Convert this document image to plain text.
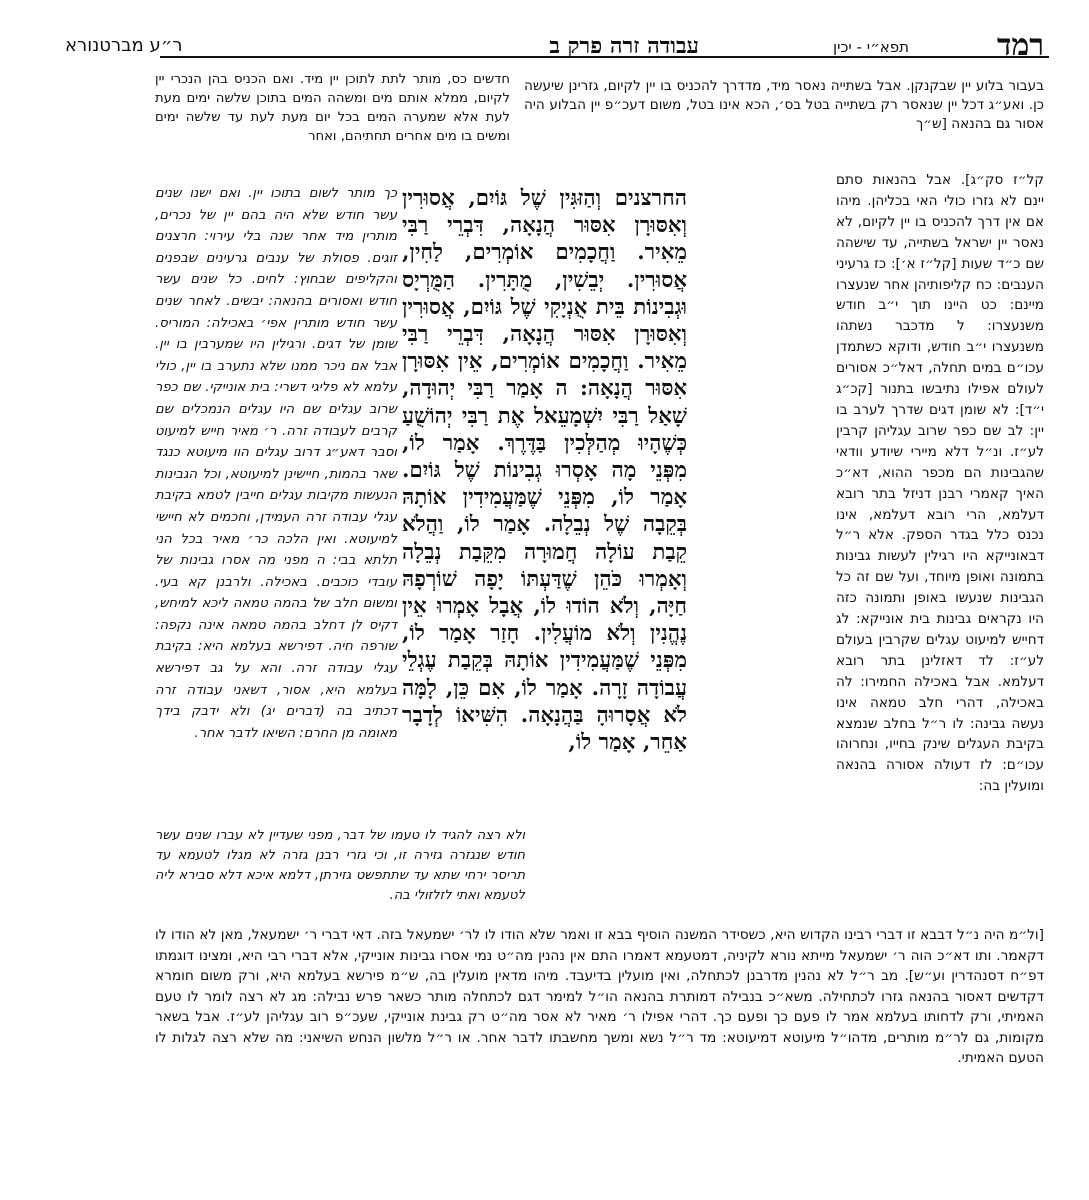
רמד
תפא״י - יכין
עבודה זרה פרק ב
ר״ע מברטנורא

בעבור בלוע יין שבקנקן. אבל בשתייה נאסר מיד, מדדרך להכניס בו יין לקיום, גזרינן שיעשה כן. ואע״ג דכל יין שנאסר רק בשתייה בטל בס׳, הכא אינו בטל, משום דעכ״פ יין הבלוע היה אסור גם בהנאה [ש״ך

חדשים כס, מותר לתת לתוכן יין מיד. ואם הכניס בהן הנכרי יין לקיום, ממלא אותם מים ומשהה המים בתוכן שלשה ימים מעת לעת אלא שמערה המים בכל יום מעת לעת עד שלשה ימים ומשים בו מים אחרים תחתיהם, ואחר

קל״ז סק״ג]. אבל בהנאות סתם יינם לא גזרו כולי האי בכליהן. מיהו אם אין דרך להכניס בו יין לקיום, לא נאסר יין ישראל בשתייה, עד שישהה שם כ״ד שעות [קל״ז א׳]: כז גרעיני הענבים: כח קליפותיהן אחר שנעצרו מיינם: כט היינו תוך י״ב חודש משנעצרו: ל מדכבר נשתהו משנעצרו י״ב חודש, ודוקא כשתמדן עכו״ם במים תחלה, דאל״כ אסורים לעולם אפילו נתיבשו בתנור [קכ״ג י״ד]: לא שומן דגים שדרך לערב בו יין: לב שם כפר שרוב עגליהן קרבין לע״ז. ונ״ל דלא מיירי שיודע וודאי שהגבינות הם מכפר ההוא, דא״כ האיך קאמרי רבנן דניזל בתר רובא דעלמא, הרי רובא דעלמא, אינו נכנס כלל בגדר הספק. אלא ר״ל דבאונייקא היו רגילין לעשות גבינות בתמונה ואופן מיוחד, ועל שם זה כל הגבינות שנעשו באופן ותמונה כזה היו נקראים גבינות בית אונייקא: לג דחייש למיעוט עגלים שקרבין בעולם לע״ז: לד דאזלינן בתר רובא דעלמא. אבל באכילה החמירו: לה באכילה, דהרי חלב טמאה אינו נעשה גבינה: לו ר״ל בחלב שנמצא בקיבת העגלים שינק בחייו, ונחרוהו עכו״ם: לז דעולה אסורה בהנאה ומועלין בה:

החרצנים וְהַזּגִּין שֶׁל גּוֹיִם, אֲסוּרִין וְאִסּוּרָן אִסּוּר הֲנָאָה, דִּבְרֵי רַבִּי מֵאִיר. וַחֲכָמִים אוֹמְרִים, לַחִין, אֲסוּרִין. יְבֵשִׁין, מֻתָּרִין. הַמֻּרְיָס וּגְבִינוֹת בֵּית אֻנְיָקִי שֶׁל גּוֹיִם, אֲסוּרִין וְאִסּוּרָן אִסּוּר הֲנָאָה, דִּבְרֵי רַבִּי מֵאִיר. וַחֲכָמִים אוֹמְרִים, אֵין אִסּוּרָן אִסּוּר הֲנָאָה: ה אָמַר רַבִּי יְהוּדָה, שָׁאַל רַבִּי יִשְׁמָעֵאל אֶת רַבִּי יְהוֹשֻׁעַ כְּשֶׁהָיוּ מְהַלְּכִין בַּדֶּרֶךְ. אָמַר לוֹ, מִפְּנֵי מָה אָסְרוּ גְבִינוֹת שֶׁל גּוֹיִם. אָמַר לוֹ, מִפְּנֵי שֶׁמַּעֲמִידִין אוֹתָהּ בְּקֵבָה שֶׁל נְבֵלָה. אָמַר לוֹ, וַהֲלֹא קֵבַת עוֹלָה חֲמוּרָה מִקֵּבַת נְבֵלָה וְאָמְרוּ כֹּהֵן שֶׁדַּעְתּוֹ יָפָה שׁוֹרְפָהּ חַיָּה, וְלֹא הוֹדוּ לוֹ, אֲבָל אָמְרוּ אֵין נֶהֱנִין וְלֹא מוֹעֲלִין. חָזַר אָמַר לוֹ, מִפְּנֵי שֶׁמַּעֲמִידִין אוֹתָהּ בְּקֵבַת עֶגְלֵי עֲבוֹדָה זָרָה. אָמַר לוֹ, אִם כֵּן, לָמָּה לֹא אֲסָרוּהָ בַּהֲנָאָה. הִשִּׁיאוֹ לְדָבָר אַחֵר, אָמַר לוֹ,

כך מותר לשום בתוכו יין. ואם ישנו שנים עשר חודש שלא היה בהם יין של נכרים, מותרין מיד אחר שנה בלי עירוי: חרצנים זוגים. פסולת של ענבים גרעינים שבפנים והקליפים שבחוץ: לחים. כל שנים עשר חודש ואסורים בהנאה: יבשים. לאחר שנים עשר חודש מותרין אפי׳ באכילה: המוריס. שומן של דגים. ורגילין היו שמערבין בו יין. אבל אם ניכר ממנו שלא נתערב בו יין, כולי עלמא לא פליגי דשרי: בית אונייקי. שם כפר שרוב עגלים שם היו עגלים הנמכלים שם קרבים לעבודה זרה. ר׳ מאיר חייש למיעוט וסבר דאע״ג דרוב עגלים הוו מיעוטא כנגד שאר בהמות, חיישינן למיעוטא, וכל הגבינות הנעשות מקיבות עגלים חייבין לטמא בקיבת עגלי עבודה זרה העמידן, וחכמים לא חיישי למיעוטא. ואין הלכה כר׳ מאיר בכל הני תלתא בבי: ה מפני מה אסרו גבינות של עובדי כוכבים. באכילה. ולרבנן קא בעי. ומשום חלב של בהמה טמאה ליכא למיחש, דקיס לן דחלב בהמה טמאה אינה נקפה: שורפה חיה. דפירשא בעלמא היא: בקיבת עגלי עבודה זרה. והא על גב דפירשא בעלמא היא, אסור, דשאני עבודה זרה דכתיב בה (דברים יג) ולא ידבק בידך מאומה מן החרם: השיאו לדבר אחר.

ולא רצה להגיד לו טעמו של דבר, מפני שעדיין לא עברו שנים עשר חודש שנגזרה גזירה זו, וכי גזרי רבנן גזרה לא מגלו לטעמא עד תריסר ירחי שתא עד שתתפשט גזירתן, דלמא איכא דלא סבירא ליה לטעמא ואתי לזלזולי בה.

[ול״מ היה נ״ל דבבא זו דברי רבינו הקדוש היא, כשסידר המשנה הוסיף בבא זו ואמר שלא הודו לו לר׳ ישמעאל בזה. דאי דברי ר׳ ישמעאל, מאן לא הודו לו דקאמר. ותו דא״כ הוה ר׳ ישמעאל מייתא נורא לקיניה, דמטעמא דאמרו התם אין נהנין מה״ט נמי אסרו גבינות אונייקי, אלא דברי רבי היא, ומצינו דוגמתו דפ״ח דסנהדרין וע״ש]. מב ר״ל לא נהנין מדרבנן לכתחלה, ואין מועלין בדיעבד. מיהו מדאין מועלין בה, ש״מ פירשא בעלמא היא, ורק משום חומרא דקדשים דאסור בהנאה גזרו לכתחילה. משא״כ בנבילה דמותרת בהנאה הו״ל למימר דגם לכתחלה מותר כשאר פרש נבילה: מג לא רצה לומר לו טעם האמיתי, ורק לדחותו בעלמא אמר לו פעם כך ופעם כך. דהרי אפילו ר׳ מאיר לא אסר מה״ט רק גבינת אונייקי, שעכ״פ רוב עגליהן לע״ז. אבל בשאר מקומות, גם לר״מ מותרים, מדהו״ל מיעוטא דמיעוטא: מד ר״ל נשא ומשך מחשבתו לדבר אחר. או ר״ל מלשון הנחש השיאני: מה שלא רצה לגלות לו הטעם האמיתי.
